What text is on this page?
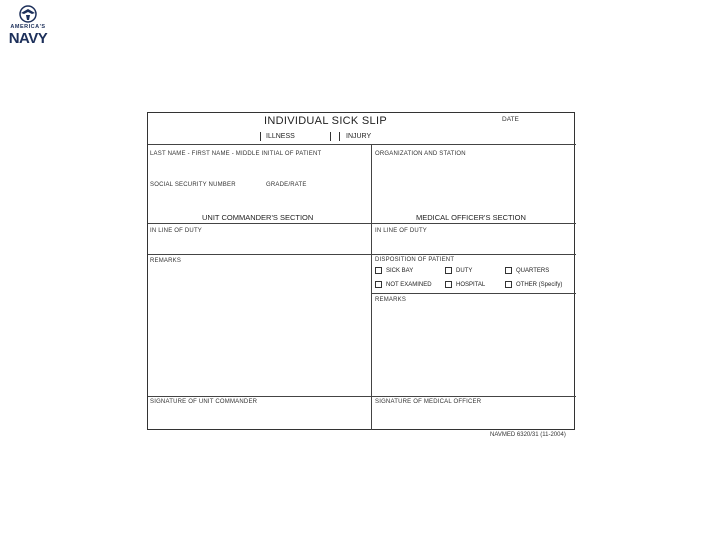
AMERICA'S
NAVY
INDIVIDUAL SICK SLIP	DATE
ILLNESS	INJURY
LAST NAME - FIRST NAME - MIDDLE INITIAL OF PATIENT	ORGANIZATION AND STATION
SOCIAL SECURITY NUMBER	GRADE/RATE
UNIT COMMANDER'S SECTION	MEDICAL OFFICER'S SECTION
IN LINE OF DUTY	IN LINE OF DUTY
REMARKS	DISPOSITION OF PATIENT
SICK BAY	DUTY	QUARTERS
NOT EXAMINED	HOSPITAL	OTHER (Specify)
REMARKS
SIGNATURE OF UNIT COMMANDER	SIGNATURE OF MEDICAL OFFICER
NAVMED 6320/31 (11-2004)
